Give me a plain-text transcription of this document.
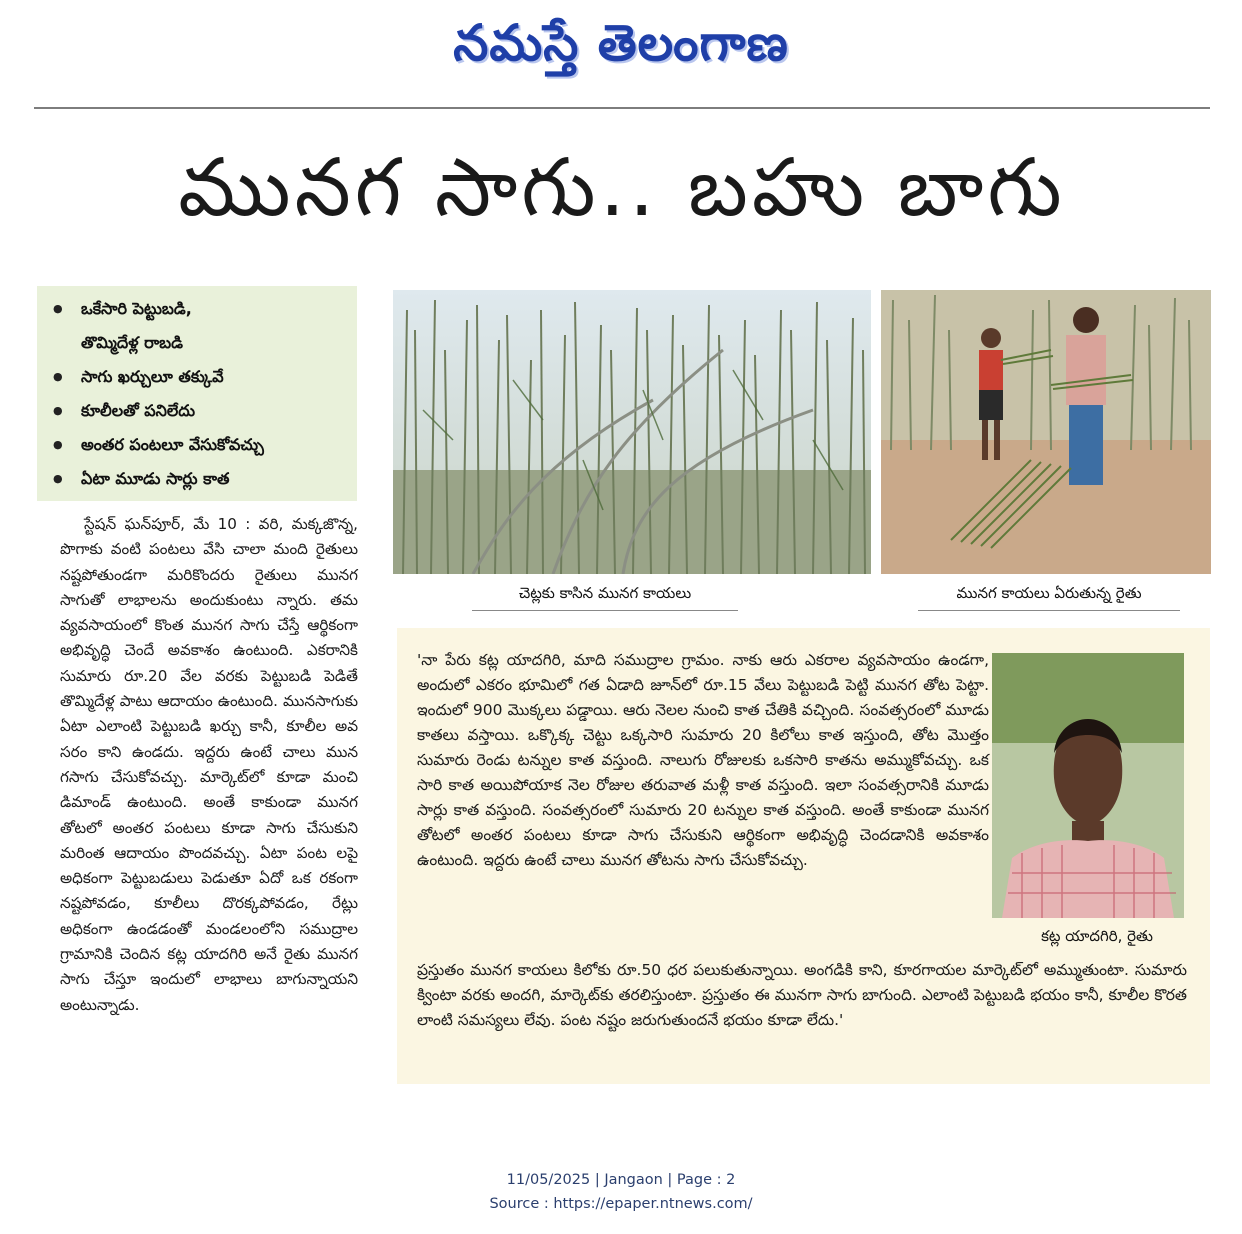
నమస్తే తెలంగాణ
మునగ సాగు.. బహు బాగు
● ఒకేసారి పెట్టుబడి,
తొమ్మిదేళ్ల రాబడి
● సాగు ఖర్చులూ తక్కువే
● కూలీలతో పనిలేదు
● అంతర పంటలూ వేసుకోవచ్చు
● ఏటా మూడు సార్లు కాత
స్టేషన్ ఘన్‌పూర్, మే 10 : వరి, మక్కజొన్న, పొగాకు వంటి పంటలు వేసి చాలా మంది రైతులు నష్టపోతుండగా మరికొందరు రైతులు మునగ సాగుతో లాభాలను అందుకుంటు న్నారు. తమ వ్యవసాయంలో కొంత మునగ సాగు చేస్తే ఆర్థికంగా అభివృద్ధి చెందే అవకాశం ఉంటుంది. ఎకరానికి సుమారు రూ.20 వేల వరకు పెట్టుబడి పెడితే తొమ్మిదేళ్ల పాటు ఆదాయం ఉంటుంది. మునసాగుకు ఏటా ఎలాంటి పెట్టుబడి ఖర్చు కానీ, కూలీల అవ సరం కాని ఉండదు. ఇద్దరు ఉంటే చాలు మున గసాగు చేసుకోవచ్చు. మార్కెట్‌లో కూడా మంచి డిమాండ్ ఉంటుంది. అంతే కాకుండా మునగ తోటలో అంతర పంటలు కూడా సాగు చేసుకుని మరింత ఆదాయం పొందవచ్చు. ఏటా పంట లపై అధికంగా పెట్టుబడులు పెడుతూ ఏదో ఒక రకంగా నష్టపోవడం, కూలీలు దొరక్కపోవడం, రేట్లు అధికంగా ఉండడంతో మండలంలోని సముద్రాల గ్రామానికి చెందిన కట్ల యాదగిరి అనే రైతు మునగ సాగు చేస్తూ ఇందులో లాభాలు బాగున్నాయని అంటున్నాడు.
చెట్లకు కాసిన మునగ కాయలు	మునగ కాయలు ఏరుతున్న రైతు
'నా పేరు కట్ల యాదగిరి, మాది సముద్రాల గ్రామం. నాకు ఆరు ఎకరాల వ్యవసాయం ఉండగా, అందులో ఎకరం భూమిలో గత ఏడాది జూన్‌లో రూ.15 వేలు పెట్టుబడి పెట్టి మునగ తోట పెట్టా. ఇందులో 900 మొక్కలు పడ్డాయి. ఆరు నెలల నుంచి కాత చేతికి వచ్చింది. సంవత్సరంలో మూడు కాతలు వస్తాయి. ఒక్కొక్క చెట్టు ఒక్కసారి సుమారు 20 కిలోలు కాత ఇస్తుంది, తోట మొత్తం సుమారు రెండు టన్నుల కాత వస్తుంది. నాలుగు రోజులకు ఒకసారి కాతను అమ్ముకోవచ్చు. ఒక సారి కాత అయిపోయాక నెల రోజుల తరువాత మళ్లీ కాత వస్తుంది. ఇలా సంవత్సరానికి మూడు సార్లు కాత వస్తుంది. సంవత్సరంలో సుమారు 20 టన్నుల కాత వస్తుంది. అంతే కాకుండా మునగ తోటలో అంతర పంటలు కూడా సాగు చేసుకుని ఆర్థికంగా అభివృద్ధి చెందడానికి అవకాశం ఉంటుంది. ఇద్దరు ఉంటే చాలు మునగ తోటను సాగు చేసుకోవచ్చు.
కట్ల యాదగిరి, రైతు
ప్రస్తుతం మునగ కాయలు కిలోకు రూ.50 ధర పలుకుతున్నాయి. అంగడికి కాని, కూరగాయల మార్కెట్‌లో అమ్ముతుంటా. సుమారు క్వింటా వరకు అందగి, మార్కెట్‌కు తరలిస్తుంటా. ప్రస్తుతం ఈ మునగా సాగు బాగుంది. ఎలాంటి పెట్టుబడి భయం కానీ, కూలీల కొరత లాంటి సమస్యలు లేవు. పంట నష్టం జరుగుతుందనే భయం కూడా లేదు.'
11/05/2025 | Jangaon | Page : 2
Source : https://epaper.ntnews.com/
